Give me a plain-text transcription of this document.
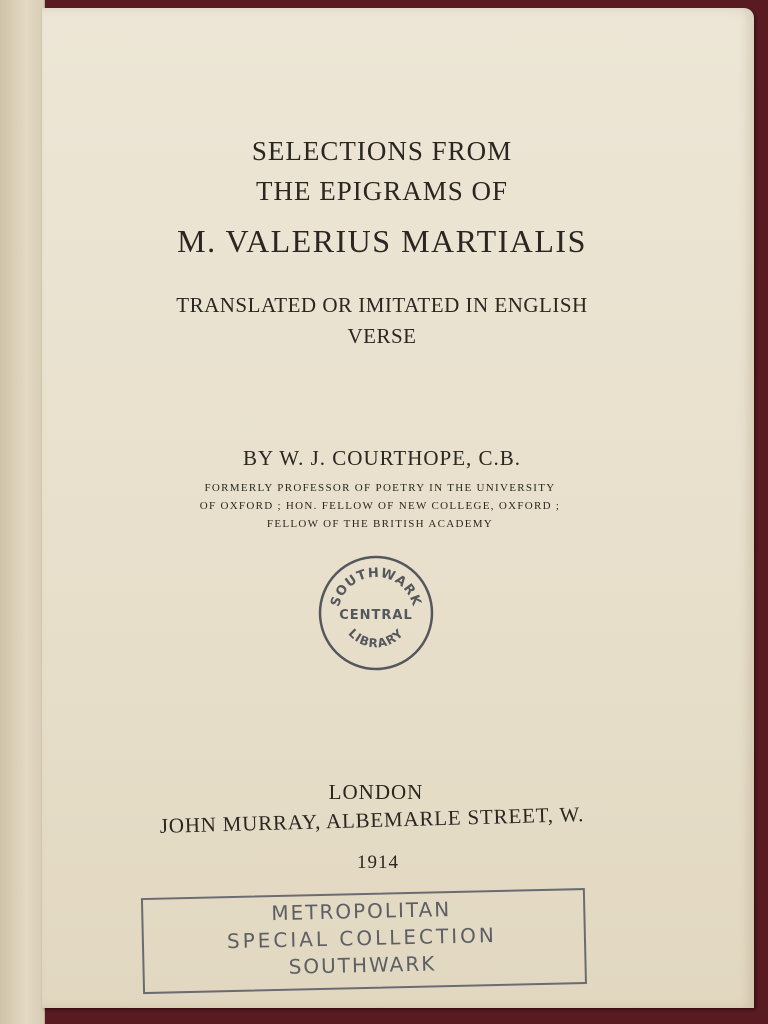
SELECTIONS FROM

THE EPIGRAMS OF

M. VALERIUS MARTIALIS

TRANSLATED OR IMITATED IN ENGLISH

VERSE

BY W. J. COURTHOPE, C.B.

FORMERLY PROFESSOR OF POETRY IN THE UNIVERSITY

OF OXFORD ; HON. FELLOW OF NEW COLLEGE, OXFORD ;

FELLOW OF THE BRITISH ACADEMY

SOUTHWARK
CENTRAL
LIBRARY

LONDON

JOHN MURRAY, ALBEMARLE STREET, W.

1914

METROPOLITAN
SPECIAL COLLECTION
SOUTHWARK
